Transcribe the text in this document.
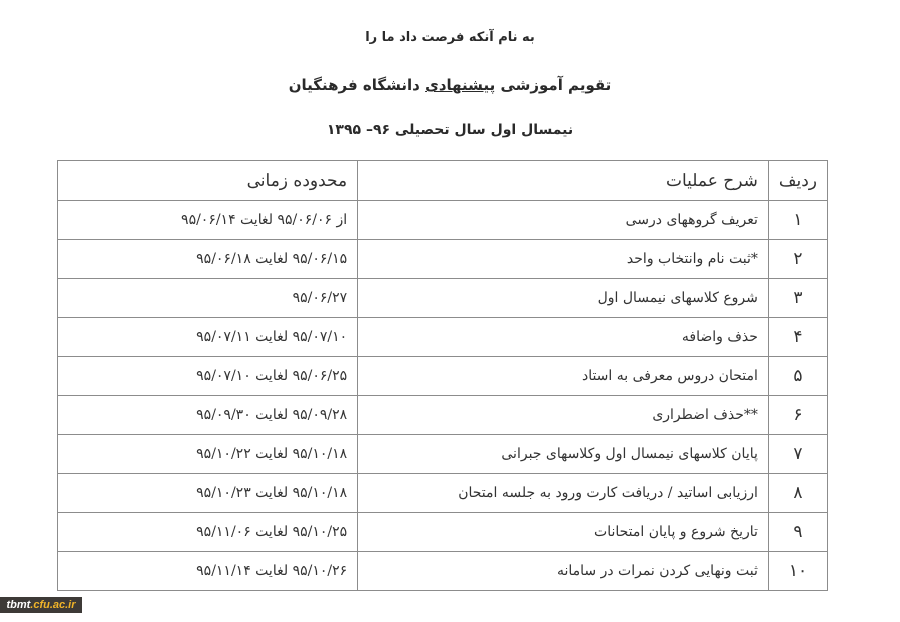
به نام آنکه فرصت داد ما را
تقویم آموزشی پیشنهادی دانشگاه فرهنگیان
نیمسال اول سال تحصیلی ۹۶– ۱۳۹۵
ردیف	شرح عملیات	محدوده زمانی
۱	تعریف گروههای درسی	از ۹۵/۰۶/۰۶ لغایت ۹۵/۰۶/۱۴
۲	*ثبت نام وانتخاب واحد	۹۵/۰۶/۱۵ لغایت ۹۵/۰۶/۱۸
۳	شروع کلاسهای نیمسال اول	۹۵/۰۶/۲۷
۴	حذف واضافه	۹۵/۰۷/۱۰ لغایت ۹۵/۰۷/۱۱
۵	امتحان دروس معرفی به استاد	۹۵/۰۶/۲۵ لغایت ۹۵/۰۷/۱۰
۶	**حذف اضطراری	۹۵/۰۹/۲۸ لغایت ۹۵/۰۹/۳۰
۷	پایان کلاسهای نیمسال اول وکلاسهای جبرانی	۹۵/۱۰/۱۸ لغایت ۹۵/۱۰/۲۲
۸	ارزیابی اساتید / دریافت کارت ورود به جلسه امتحان	۹۵/۱۰/۱۸ لغایت ۹۵/۱۰/۲۳
۹	تاریخ شروع و پایان امتحانات	۹۵/۱۰/۲۵ لغایت ۹۵/۱۱/۰۶
۱۰	ثبت ونهایی کردن نمرات در سامانه	۹۵/۱۰/۲۶ لغایت ۹۵/۱۱/۱۴
tbmt.cfu.ac.ir
